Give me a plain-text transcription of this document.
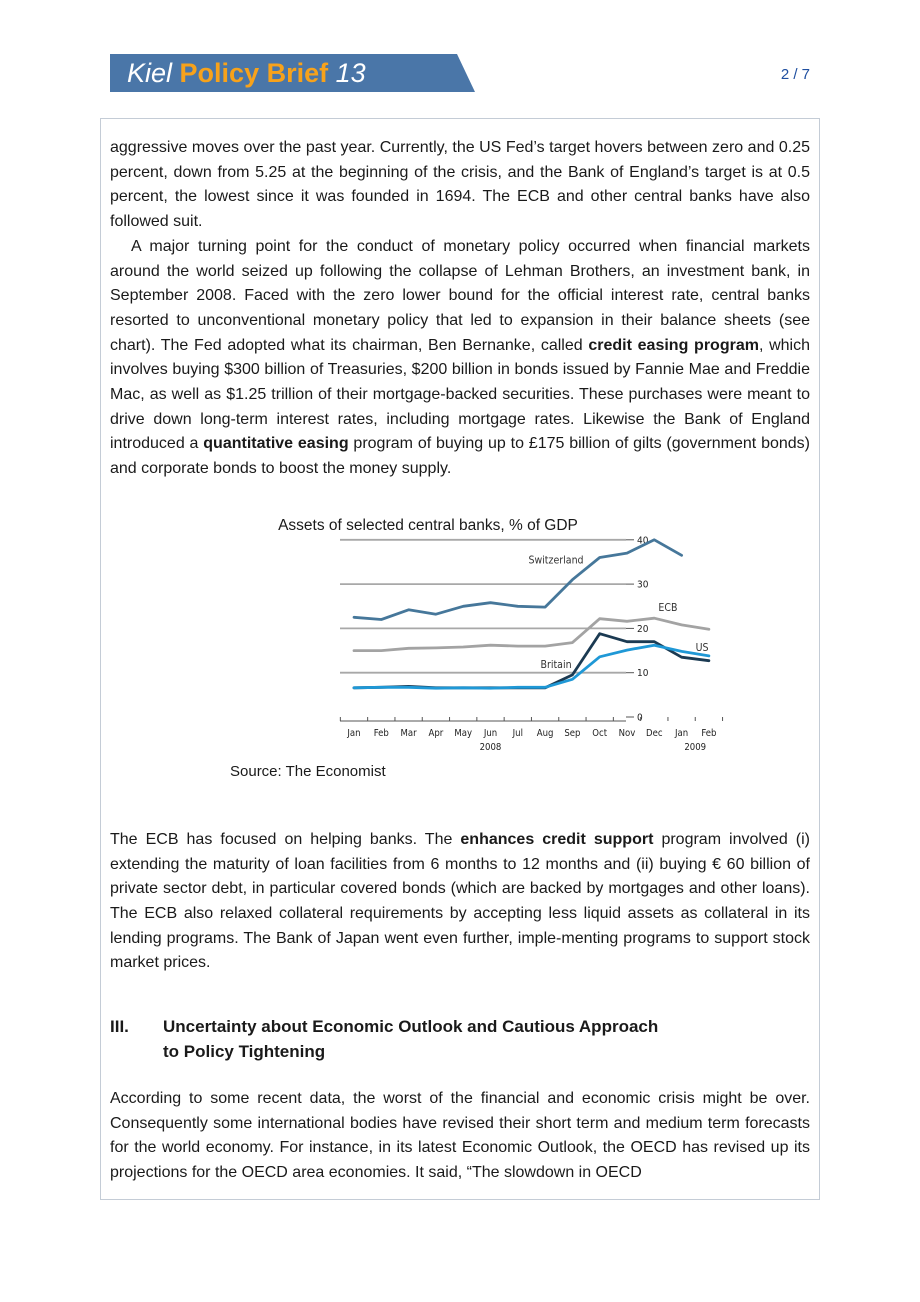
Kiel Policy Brief 13	2 / 7

aggressive moves over the past year. Currently, the US Fed’s target hovers between zero and 0.25 percent, down from 5.25 at the beginning of the crisis, and the Bank of England’s target is at 0.5 percent, the lowest since it was founded in 1694. The ECB and other central banks have also followed suit.

A major turning point for the conduct of monetary policy occurred when financial markets around the world seized up following the collapse of Lehman Brothers, an investment bank, in September 2008. Faced with the zero lower bound for the official interest rate, central banks resorted to unconventional monetary policy that led to expansion in their balance sheets (see chart). The Fed adopted what its chairman, Ben Bernanke, called credit easing program, which involves buying $300 billion of Treasuries, $200 billion in bonds issued by Fannie Mae and Freddie Mac, as well as $1.25 trillion of their mortgage-backed securities. These purchases were meant to drive down long-term interest rates, including mortgage rates. Likewise the Bank of England introduced a quantitative easing program of buying up to £175 billion of gilts (government bonds) and corporate bonds to boost the money supply.

Assets of selected central banks, % of GDP
0
10
20
30
40
Jan Feb Mar Apr May Jun Jul Aug Sep Oct Nov Dec Jan Feb
2008	2009
Switzerland
ECB
Britain
US
Source: The Economist

The ECB has focused on helping banks. The enhances credit support program involved (i) extending the maturity of loan facilities from 6 months to 12 months and (ii) buying € 60 billion of private sector debt, in particular covered bonds (which are backed by mortgages and other loans). The ECB also relaxed collateral requirements by accepting less liquid assets as collateral in its lending programs. The Bank of Japan went even further, imple-menting programs to support stock market prices.

III.	Uncertainty about Economic Outlook and Cautious Approach
to Policy Tightening

According to some recent data, the worst of the financial and economic crisis might be over. Consequently some international bodies have revised their short term and medium term forecasts for the world economy. For instance, in its latest Economic Outlook, the OECD has revised up its projections for the OECD area economies. It said, “The slowdown in OECD
